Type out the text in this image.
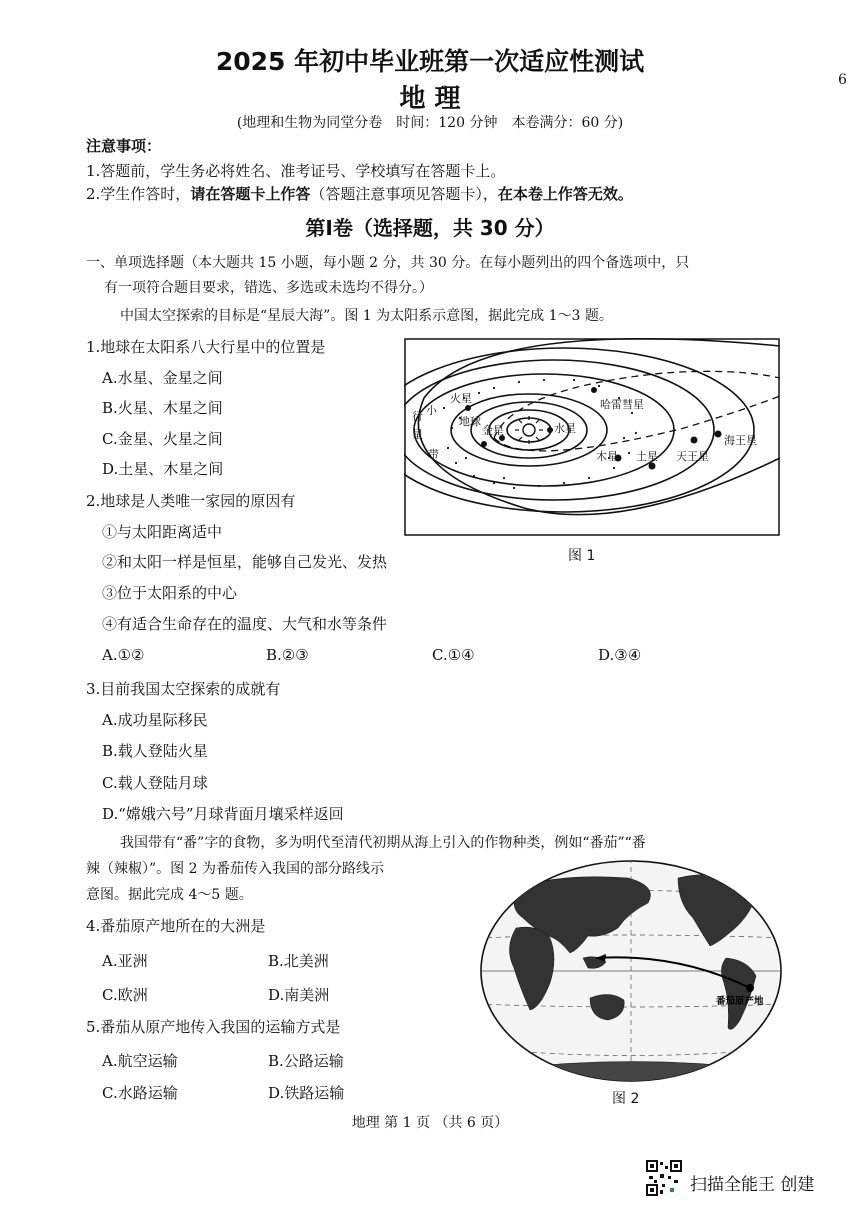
6
2025 年初中毕业班第一次适应性测试
地 理
(地理和生物为同堂分卷　时间：120 分钟　本卷满分：60 分)
注意事项：
1.答题前，学生务必将姓名、准考证号、学校填写在答题卡上。
2.学生作答时，请在答题卡上作答（答题注意事项见答题卡），在本卷上作答无效。
第Ⅰ卷（选择题，共 30 分）
一、单项选择题（本大题共 15 小题，每小题 2 分，共 30 分。在每小题列出的四个备选项中，只
有一项符合题目要求，错选、多选或未选均不得分。）
中国太空探索的目标是“星辰大海”。图 1 为太阳系示意图，据此完成 1～3 题。
1.地球在太阳系八大行星中的位置是
A.水星、金星之间
B.火星、木星之间
C.金星、火星之间
D.土星、木星之间
火星
地球
金星	水星
哈雷彗星
木星 土星 天王星
海王星
行
星
小
带
图 1
2.地球是人类唯一家园的原因有
①与太阳距离适中
②和太阳一样是恒星，能够自己发光、发热
③位于太阳系的中心
④有适合生命存在的温度、大气和水等条件
A.①②	B.②③	C.①④	D.③④
3.目前我国太空探索的成就有
A.成功星际移民
B.载人登陆火星
C.载人登陆月球
D.“嫦娥六号”月球背面月壤采样返回
我国带有“番”字的食物，多为明代至清代初期从海上引入的作物种类，例如“番茄”“番
辣（辣椒）”。图 2 为番茄传入我国的部分路线示
意图。据此完成 4～5 题。
4.番茄原产地所在的大洲是
A.亚洲	B.北美洲
C.欧洲	D.南美洲
5.番茄从原产地传入我国的运输方式是
A.航空运输	B.公路运输
C.水路运输	D.铁路运输
番茄原产地
图 2
地理 第 1 页 （共 6 页）
扫描全能王 创建
